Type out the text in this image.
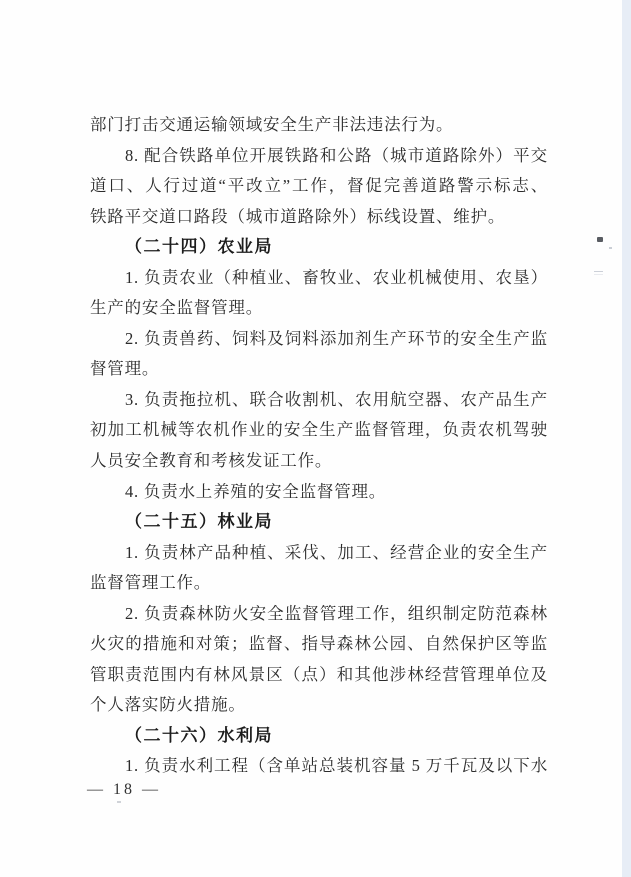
部门打击交通运输领域安全生产非法违法行为。
8. 配合铁路单位开展铁路和公路（城市道路除外）平交
道口、人行过道“平改立”工作，督促完善道路警示标志、
铁路平交道口路段（城市道路除外）标线设置、维护。
（二十四）农业局
1. 负责农业（种植业、畜牧业、农业机械使用、农垦）
生产的安全监督管理。
2. 负责兽药、饲料及饲料添加剂生产环节的安全生产监
督管理。
3. 负责拖拉机、联合收割机、农用航空器、农产品生产
初加工机械等农机作业的安全生产监督管理，负责农机驾驶
人员安全教育和考核发证工作。
4. 负责水上养殖的安全监督管理。
（二十五）林业局
1. 负责林产品种植、采伐、加工、经营企业的安全生产
监督管理工作。
2. 负责森林防火安全监督管理工作，组织制定防范森林
火灾的措施和对策；监督、指导森林公园、自然保护区等监
管职责范围内有林风景区（点）和其他涉林经营管理单位及
个人落实防火措施。
（二十六）水利局
1. 负责水利工程（含单站总装机容量 5 万千瓦及以下水
— 18 —
